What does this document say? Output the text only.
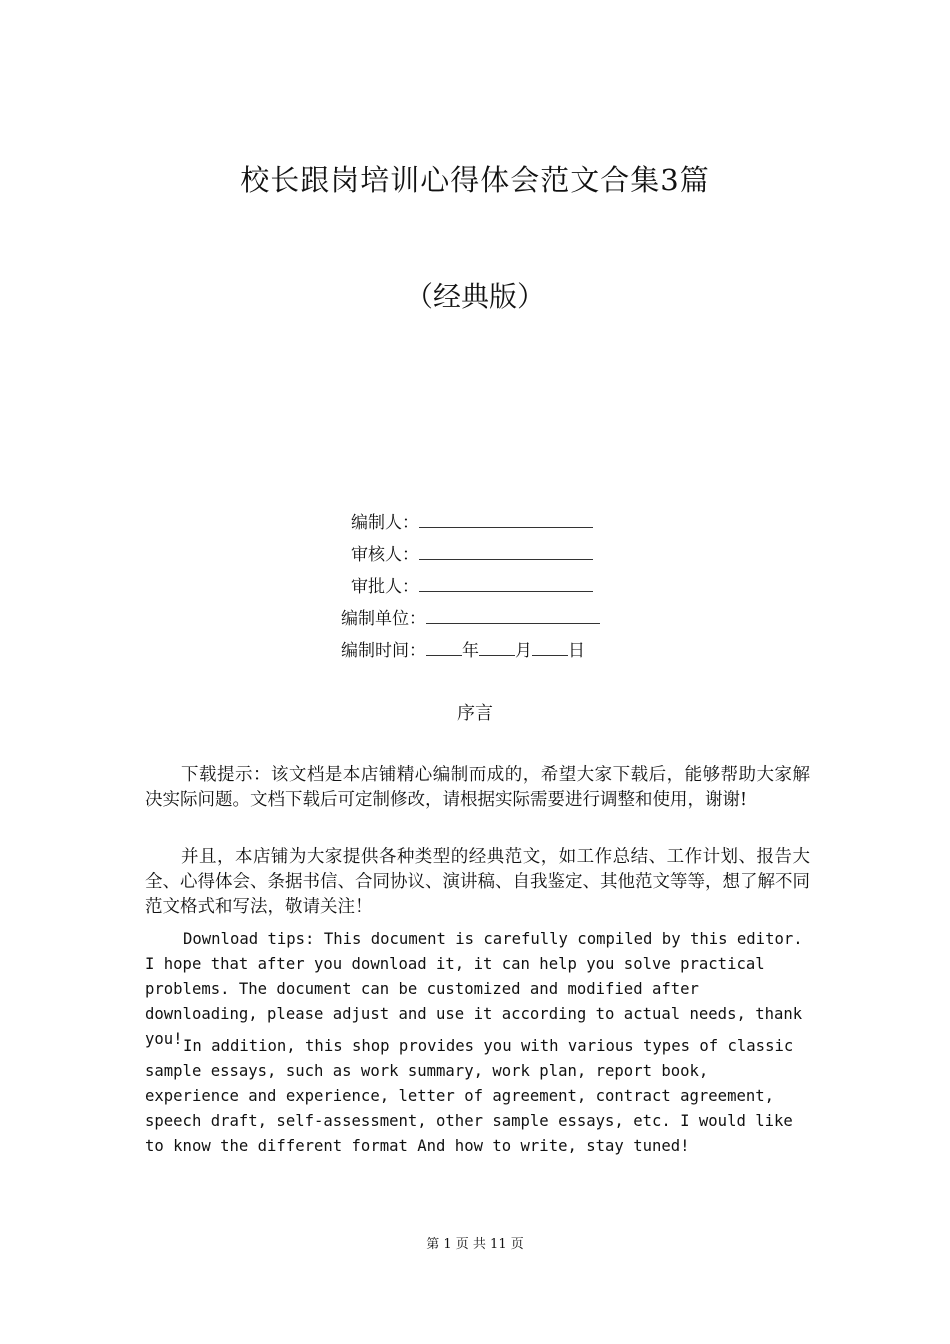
校长跟岗培训心得体会范文合集3篇
（经典版）
编制人：
审核人：
审批人：
编制单位：
编制时间： 年 月 日
序言
下载提示：该文档是本店铺精心编制而成的，希望大家下载后，能够帮助大家解决实际问题。文档下载后可定制修改，请根据实际需要进行调整和使用，谢谢!
并且，本店铺为大家提供各种类型的经典范文，如工作总结、工作计划、报告大全、心得体会、条据书信、合同协议、演讲稿、自我鉴定、其他范文等等，想了解不同范文格式和写法，敬请关注！
Download tips: This document is carefully compiled by this editor. I hope that after you download it, it can help you solve practical problems. The document can be customized and modified after downloading, please adjust and use it according to actual needs, thank you! In addition, this shop provides you with various types of classic sample essays, such as work summary, work plan, report book, experience and experience, letter of agreement, contract agreement, speech draft, self-assessment, other sample essays, etc. I would like to know the different format And how to write, stay tuned!
第 1 页 共 11 页
